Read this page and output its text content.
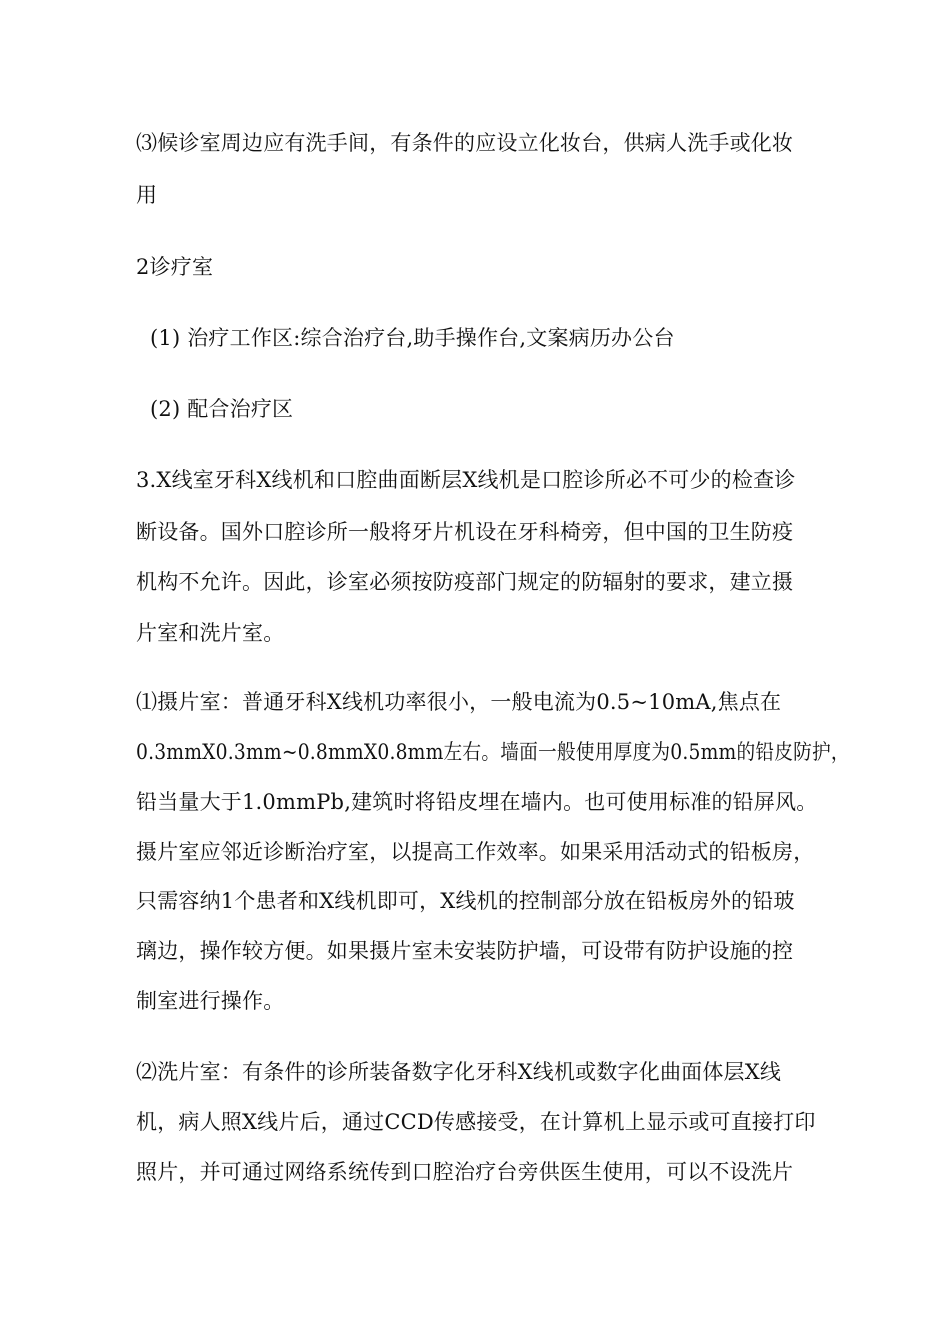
⑶候诊室周边应有洗手间，有条件的应设立化妆台，供病人洗手或化妆
用
2诊疗室
(1) 治疗工作区:综合治疗台,助手操作台,文案病历办公台
(2) 配合治疗区
3.X线室牙科X线机和口腔曲面断层X线机是口腔诊所必不可少的检查诊
断设备。国外口腔诊所一般将牙片机设在牙科椅旁，但中国的卫生防疫
机构不允许。因此，诊室必须按防疫部门规定的防辐射的要求，建立摄
片室和洗片室。
⑴摄片室：普通牙科X线机功率很小，一般电流为0.5~10mA,焦点在
0.3mmX0.3mm~0.8mmX0.8mm左右。墙面一般使用厚度为0.5mm的铅皮防护，
铅当量大于1.0mmPb,建筑时将铅皮埋在墙内。也可使用标准的铅屏风。
摄片室应邻近诊断治疗室，以提高工作效率。如果采用活动式的铅板房，
只需容纳1个患者和X线机即可，X线机的控制部分放在铅板房外的铅玻
璃边，操作较方便。如果摄片室未安装防护墙，可设带有防护设施的控
制室进行操作。
⑵洗片室：有条件的诊所装备数字化牙科X线机或数字化曲面体层X线
机，病人照X线片后，通过CCD传感接受，在计算机上显示或可直接打印
照片，并可通过网络系统传到口腔治疗台旁供医生使用，可以不设洗片
